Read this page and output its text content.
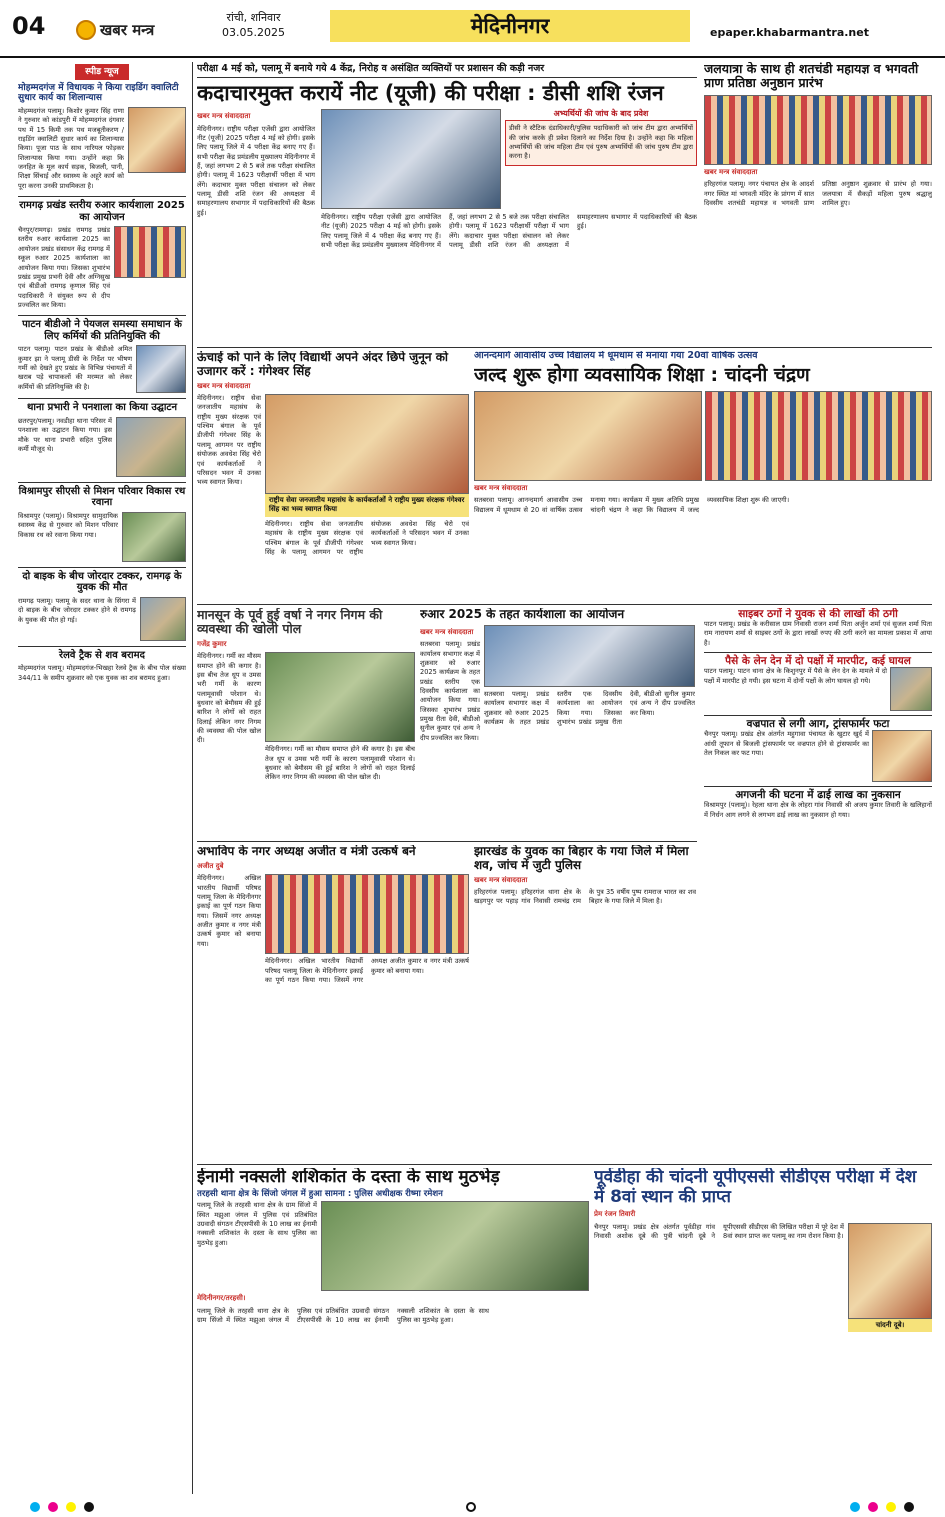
04	खबर मन्त्र
रांची, शनिवार
03.05.2025	मेदिनीनगर	epaper.khabarmantra.net
स्पीड न्यूज
मोहम्मदगंज में विधायक ने किया राइडिंग क्वालिटी सुधार कार्य का शिलान्यास
मोहम्मदगंज पलामू। किशोर कुमार सिंह राणा ने गुरुवार को कांडपुरी में मोहम्मदगंज दंगवार पथ में 15 किमी तक पथ मजबूतीकरण / राइडिंग क्वालिटी सुधार कार्य का शिलान्यास किया। पूजा पाठ के साथ नारियल फोड़कर शिलान्यास किया गया। उन्होंने कहा कि जनहित के मूल कार्य सड़क, बिजली, पानी, शिक्षा सिंचाई और स्वास्थ्य के अहूरे कार्य को पूरा करना उनकी प्राथमिकता है।
रामगढ़ प्रखंड स्तरीय रुआर कार्यशाला 2025 का आयोजन
चैनपुर/रामगढ़। प्रखंड रामगढ़ प्रखंड स्तरीय रुआर कार्यशाला 2025 का आयोजन प्रखंड संसाधन केंद्र रामगढ़ में स्कूल रुआर 2025 कार्यशाला का आयोजन किया गया। जिसका शुभारंभ प्रखंड प्रमुख प्रभनी देवी और अग्निसुख एवं बीडीओ रामगढ़ कृणाल सिंह एवं पदाधिकारी ने संयुक्त रूप से दीप प्रज्वलित कर किया।
पाटन बीडीओ ने पेयजल समस्या समाधान के लिए कर्मियों की प्रतिनियुक्ति की
पाटन पलामू। पाटन प्रखंड के बीडीओ अमित कुमार झा ने पलामू डीसी के निर्देश पर भीषण गर्मी को देखते हुए प्रखंड के विभिन्न पंचायतों में खराब पड़े चापाकलों की मरम्मत को लेकर कर्मियों की प्रतिनियुक्ति की है।
थाना प्रभारी ने पनशाला का किया उद्घाटन
छतरपुर/पलामू। नवडीहा थाना परिसर में पनशाला का उद्घाटन किया गया। इस मौके पर थाना प्रभारी सहित पुलिस कर्मी मौजूद थे।
विश्रामपुर सीएसी से मिशन परिवार विकास रथ रवाना
विश्रामपुर (पलामू)। विश्रामपुर सामुदायिक स्वास्थ्य केंद्र से गुरुवार को मिशन परिवार विकास रथ को रवाना किया गया।
दो बाइक के बीच जोरदार टक्कर, रामगढ़ के युवक की मौत
रामगढ़ पलामू। पलामू के सदर थाना के सिंगरा में दो बाइक के बीच जोरदार टक्कर होने से रामगढ़ के युवक की मौत हो गई।
रेलवे ट्रैक से शव बरामद
मोहम्मदगंज पलामू। मोहम्मदगंज-भिखहा रेलवे ट्रैक के बीच पोल संख्या 344/11 के समीप शुक्रवार को एक युवक का शव बरामद हुआ।
परीक्षा 4 मई को, पलामू में बनाये गये 4 केंद्र, निरोह व असंक्षित व्यक्तियों पर प्रशासन की कड़ी नजर
कदाचारमुक्त करायें नीट (यूजी) की परीक्षा : डीसी शशि रंजन
खबर मन्त्र संवाददाता
मेदिनीनगर। राष्ट्रीय परीक्षा एजेंसी द्वारा आयोजित नीट (यूजी) 2025 परीक्षा 4 मई को होगी। इसके लिए पलामू जिले में 4 परीक्षा केंद्र बनाए गए हैं। सभी परीक्षा केंद्र प्रमंडलीय मुख्यालय मेदिनीनगर में हैं, जहां लगभग 2 से 5 बजे तक परीक्षा संचालित होगी। पलामू में 1623 परीक्षार्थी परीक्षा में भाग लेंगे। कदाचार मुक्त परीक्षा संचालन को लेकर पलामू डीसी शशि रंजन की अध्यक्षता में समाहरणालय सभागार में पदाधिकारियों की बैठक हुई।
अभ्यर्थियों की जांच के बाद प्रवेश
डीसी ने स्टैटिक दंडाधिकारी/पुलिस पदाधिकारी को जांच टीम द्वारा अभ्यर्थियों की जांच करके ही प्रवेश दिलाने का निर्देश दिया है। उन्होंने कहा कि महिला अभ्यर्थियों की जांच महिला टीम एवं पुरुष अभ्यर्थियों की जांच पुरुष टीम द्वारा करना है।
मेदिनीनगर। राष्ट्रीय परीक्षा एजेंसी द्वारा आयोजित नीट (यूजी) 2025 परीक्षा 4 मई को होगी। इसके लिए पलामू जिले में 4 परीक्षा केंद्र बनाए गए हैं। सभी परीक्षा केंद्र प्रमंडलीय मुख्यालय मेदिनीनगर में हैं, जहां लगभग 2 से 5 बजे तक परीक्षा संचालित होगी। पलामू में 1623 परीक्षार्थी परीक्षा में भाग लेंगे। कदाचार मुक्त परीक्षा संचालन को लेकर पलामू डीसी शशि रंजन की अध्यक्षता में समाहरणालय सभागार में पदाधिकारियों की बैठक हुई।
जलयात्रा के साथ ही शतचंडी महायज्ञ व भगवती प्राण प्रतिष्ठा अनुष्ठान प्रारंभ
खबर मन्त्र संवाददाता
हरिहरगंज पलामू। नगर पंचायत क्षेत्र के आदर्श नगर स्थित मां भगवती मंदिर के प्रांगण में सात दिवसीय शतचंडी महायज्ञ व भगवती प्राण प्रतिष्ठा अनुष्ठान शुक्रवार से प्रारंभ हो गया। जलयात्रा में सैकड़ों महिला पुरुष श्रद्धालु शामिल हुए।
ऊंचाई को पाने के लिए विद्यार्थी अपने अंदर छिपे जुनून को उजागर करें : गंगेश्वर सिंह
खबर मन्त्र संवाददाता
मेदिनीनगर। राष्ट्रीय सेवा जनजातीय महासंघ के राष्ट्रीय मुख्य संरक्षक एवं पश्चिम बंगाल के पूर्व डीजीपी गंगेश्वर सिंह के पलामू आगमन पर राष्ट्रीय संयोजक अवधेश सिंह चेरो एवं कार्यकर्ताओं ने परिसदन भवन में उनका भव्य स्वागत किया।
राष्ट्रीय सेवा जनजातीय महासंघ के कार्यकर्ताओं ने राष्ट्रीय मुख्य संरक्षक गंगेश्वर सिंह का भव्य स्वागत किया
मेदिनीनगर। राष्ट्रीय सेवा जनजातीय महासंघ के राष्ट्रीय मुख्य संरक्षक एवं पश्चिम बंगाल के पूर्व डीजीपी गंगेश्वर सिंह के पलामू आगमन पर राष्ट्रीय संयोजक अवधेश सिंह चेरो एवं कार्यकर्ताओं ने परिसदन भवन में उनका भव्य स्वागत किया।
आनन्दमार्ग आवासीय उच्च विद्यालय में धूमधाम से मनाया गया 20वां वार्षिक उत्सव
जल्द शुरू होगा व्यवसायिक शिक्षा : चांदनी चंद्रण
खबर मन्त्र संवाददाता
सतबरवा पलामू। आनन्दमार्ग आवासीय उच्च विद्यालय में धूमधाम से 20 वां वार्षिक उत्सव मनाया गया। कार्यक्रम में मुख्य अतिथि प्रमुख चांदनी चंद्रण ने कहा कि विद्यालय में जल्द व्यवसायिक शिक्षा शुरू की जाएगी।
मानसून के पूर्व हुई वर्षा ने नगर निगम की व्यवस्था की खोली पोल
गजेंद्र कुमार
मेदिनीनगर। गर्मी का मौसम समाप्त होने की कगार है। इस बीच तेज धूप व उमस भरी गर्मी के कारण पलामूवासी परेशान थे। बुधवार को बेमौसम की हुई बारिश ने लोगों को राहत दिलाई लेकिन नगर निगम की व्यवस्था की पोल खोल दी।
मेदिनीनगर। गर्मी का मौसम समाप्त होने की कगार है। इस बीच तेज धूप व उमस भरी गर्मी के कारण पलामूवासी परेशान थे। बुधवार को बेमौसम की हुई बारिश ने लोगों को राहत दिलाई लेकिन नगर निगम की व्यवस्था की पोल खोल दी।
रुआर 2025 के तहत कार्यशाला का आयोजन
खबर मन्त्र संवाददाता
सतबरवा पलामू। प्रखंड कार्यालय सभागार कक्ष में शुक्रवार को रुआर 2025 कार्यक्रम के तहत प्रखंड स्तरीय एक दिवसीय कार्यशाला का आयोजन किया गया। जिसका शुभारंभ प्रखंड प्रमुख रीता देवी, बीडीओ सुनील कुमार एवं अन्य ने दीप प्रज्वलित कर किया।
सतबरवा पलामू। प्रखंड कार्यालय सभागार कक्ष में शुक्रवार को रुआर 2025 कार्यक्रम के तहत प्रखंड स्तरीय एक दिवसीय कार्यशाला का आयोजन किया गया। जिसका शुभारंभ प्रखंड प्रमुख रीता देवी, बीडीओ सुनील कुमार एवं अन्य ने दीप प्रज्वलित कर किया।
साइबर ठगों ने युवक से की लाखों की ठगी
पाटन पलामू। प्रखंड के करीसाल ग्राम निवासी राजन शर्मा पिता अर्जुन शर्मा एवं सुजल शर्मा पिता राम नारायण शर्मा से साइबर ठगों के द्वारा लाखों रुपए की ठगी करने का मामला प्रकाश में आया है।
पैसे के लेन देन में दो पक्षों में मारपीट, कई घायल
पाटन पलामू। पाटन थाना क्षेत्र के किशुनपुर में पैसे के लेन देन के मामले में दो पक्षों में मारपीट हो गयी। इस घटना में दोनों पक्षों के लोग घायल हो गये।
वज्रपात से लगी आग, ट्रांसफार्मर फटा
चैनपुर पलामू। प्रखंड क्षेत्र अंतर्गत महुगावा पंचायत के खुटार खुर्द में आंधी तूफान से बिजली ट्रांसफार्मर पर वज्रपात होने से ट्रांसफार्मर का तेल निकल कर फट गया।
अगजनी की घटना में ढाई लाख का नुकसान
विश्रामपुर (पलामू)। रेहला थाना क्षेत्र के लोहरा गांव निवासी श्री अजय कुमार तिवारी के खलिहानों में निर्धन आग लगने से लगभग ढाई लाख का नुकसान हो गया।
अभाविप के नगर अध्यक्ष अजीत व मंत्री उत्कर्ष बने
अजीत दुबे
मेदिनीनगर। अखिल भारतीय विद्यार्थी परिषद पलामू जिला के मेदिनीनगर इकाई का पूर्ण गठन किया गया। जिसमें नगर अध्यक्ष अजीत कुमार व नगर मंत्री उत्कर्ष कुमार को बनाया गया।
मेदिनीनगर। अखिल भारतीय विद्यार्थी परिषद पलामू जिला के मेदिनीनगर इकाई का पूर्ण गठन किया गया। जिसमें नगर अध्यक्ष अजीत कुमार व नगर मंत्री उत्कर्ष कुमार को बनाया गया।
झारखंड के युवक का बिहार के गया जिले में मिला शव, जांच में जुटी पुलिस
खबर मन्त्र संवाददाता
हरिहरगंज पलामू। हरिहरगंज थाना क्षेत्र के खड़गपुर पर पहाड़ गांव निवासी रामचंद्र राम के पुत्र 35 वर्षीय पुष्प रामराज भारत का शव बिहार के गया जिले में मिला है।
ईनामी नक्सली शशिकांत के दस्ता के साथ मुठभेड़
तरहसी थाना क्षेत्र के सिंजो जंगल में हुआ सामना : पुलिस अधीक्षक रीष्मा रमेशन
पलामू जिले के तरहसी थाना क्षेत्र के ग्राम सिंजो में स्थित मझुआ जंगल में पुलिस एवं प्रतिबंधित उग्रवादी संगठन टीएसपीसी के 10 लाख का ईनामी नक्सली शशिकांत के दस्ता के साथ पुलिस का मुठभेड़ हुआ।
मेदिनीनगर/तरहसी।
पलामू जिले के तरहसी थाना क्षेत्र के ग्राम सिंजो में स्थित मझुआ जंगल में पुलिस एवं प्रतिबंधित उग्रवादी संगठन टीएसपीसी के 10 लाख का ईनामी नक्सली शशिकांत के दस्ता के साथ पुलिस का मुठभेड़ हुआ।
पूर्वडीहा की चांदनी यूपीएससी सीडीएस परीक्षा में देश में 8वां स्थान की प्राप्त
प्रेम रंजन तिवारी
चैनपुर पलामू। प्रखंड क्षेत्र अंतर्गत पूर्वडीहा गांव निवासी अशोक दूबे की पुत्री चांदनी दूबे ने यूपीएससी सीडीएस की लिखित परीक्षा में पूरे देश में 8वां स्थान प्राप्त कर पलामू का नाम रोशन किया है।
चांदनी दूबे।
